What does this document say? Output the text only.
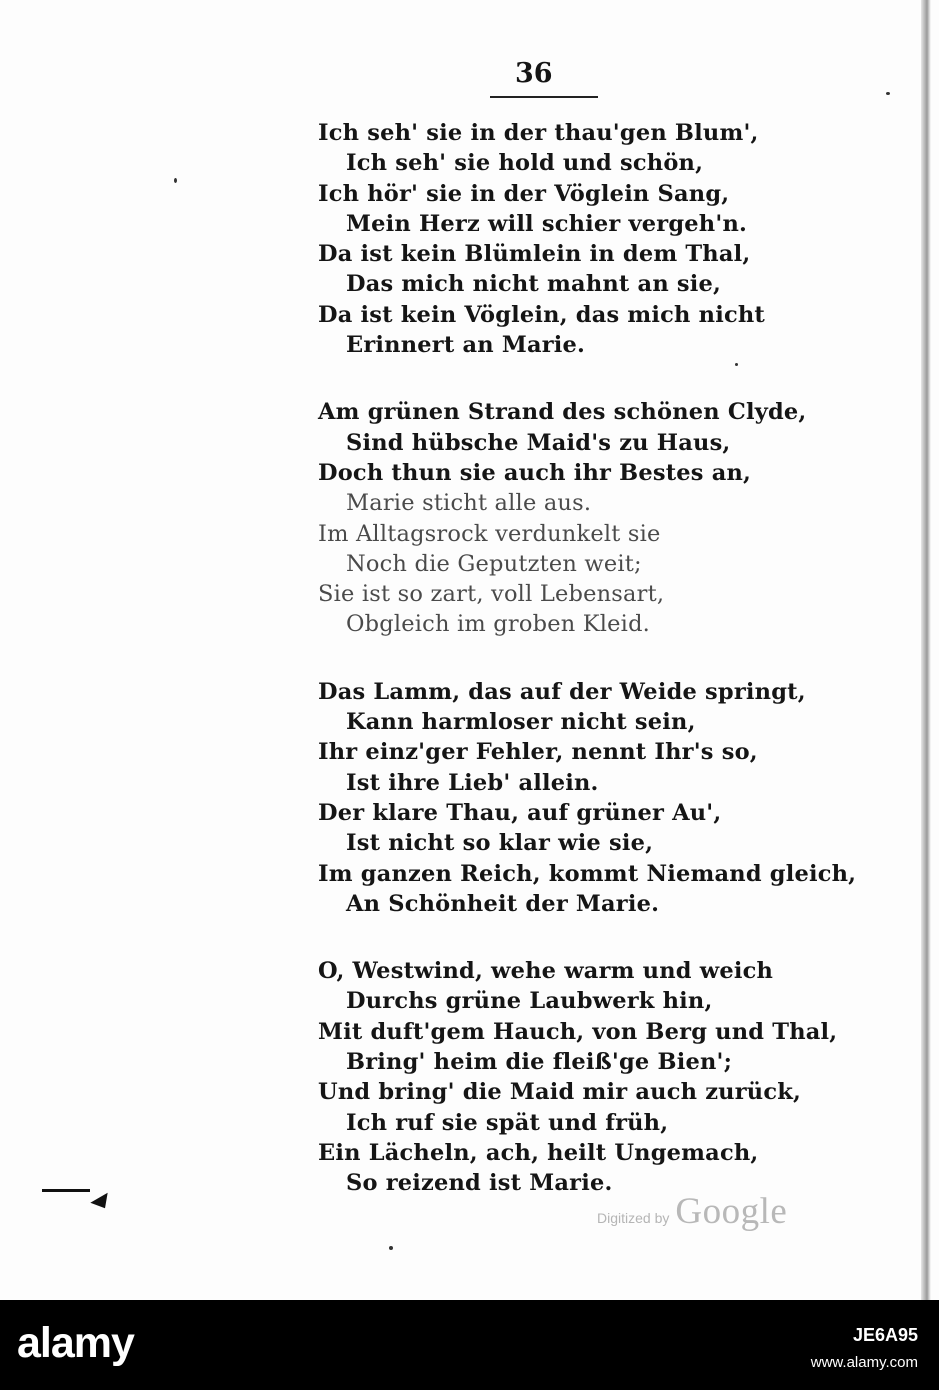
36
Ich seh' sie in der thau'gen Blum',
Ich seh' sie hold und schön,
Ich hör' sie in der Vöglein Sang,
Mein Herz will schier vergeh'n.
Da ist kein Blümlein in dem Thal,
Das mich nicht mahnt an sie,
Da ist kein Vöglein, das mich nicht
Erinnert an Marie.
Am grünen Strand des schönen Clyde,
Sind hübsche Maid's zu Haus,
Doch thun sie auch ihr Bestes an,
Marie sticht alle aus.
Im Alltagsrock verdunkelt sie
Noch die Geputzten weit;
Sie ist so zart, voll Lebensart,
Obgleich im groben Kleid.
Das Lamm, das auf der Weide springt,
Kann harmloser nicht sein,
Ihr einz'ger Fehler, nennt Ihr's so,
Ist ihre Lieb' allein.
Der klare Thau, auf grüner Au',
Ist nicht so klar wie sie,
Im ganzen Reich, kommt Niemand gleich,
An Schönheit der Marie.
O, Westwind, wehe warm und weich
Durchs grüne Laubwerk hin,
Mit duft'gem Hauch, von Berg und Thal,
Bring' heim die fleiß'ge Bien';
Und bring' die Maid mir auch zurück,
Ich ruf sie spät und früh,
Ein Lächeln, ach, heilt Ungemach,
So reizend ist Marie.
Digitized by Google
alamy	JE6A95
www.alamy.com
